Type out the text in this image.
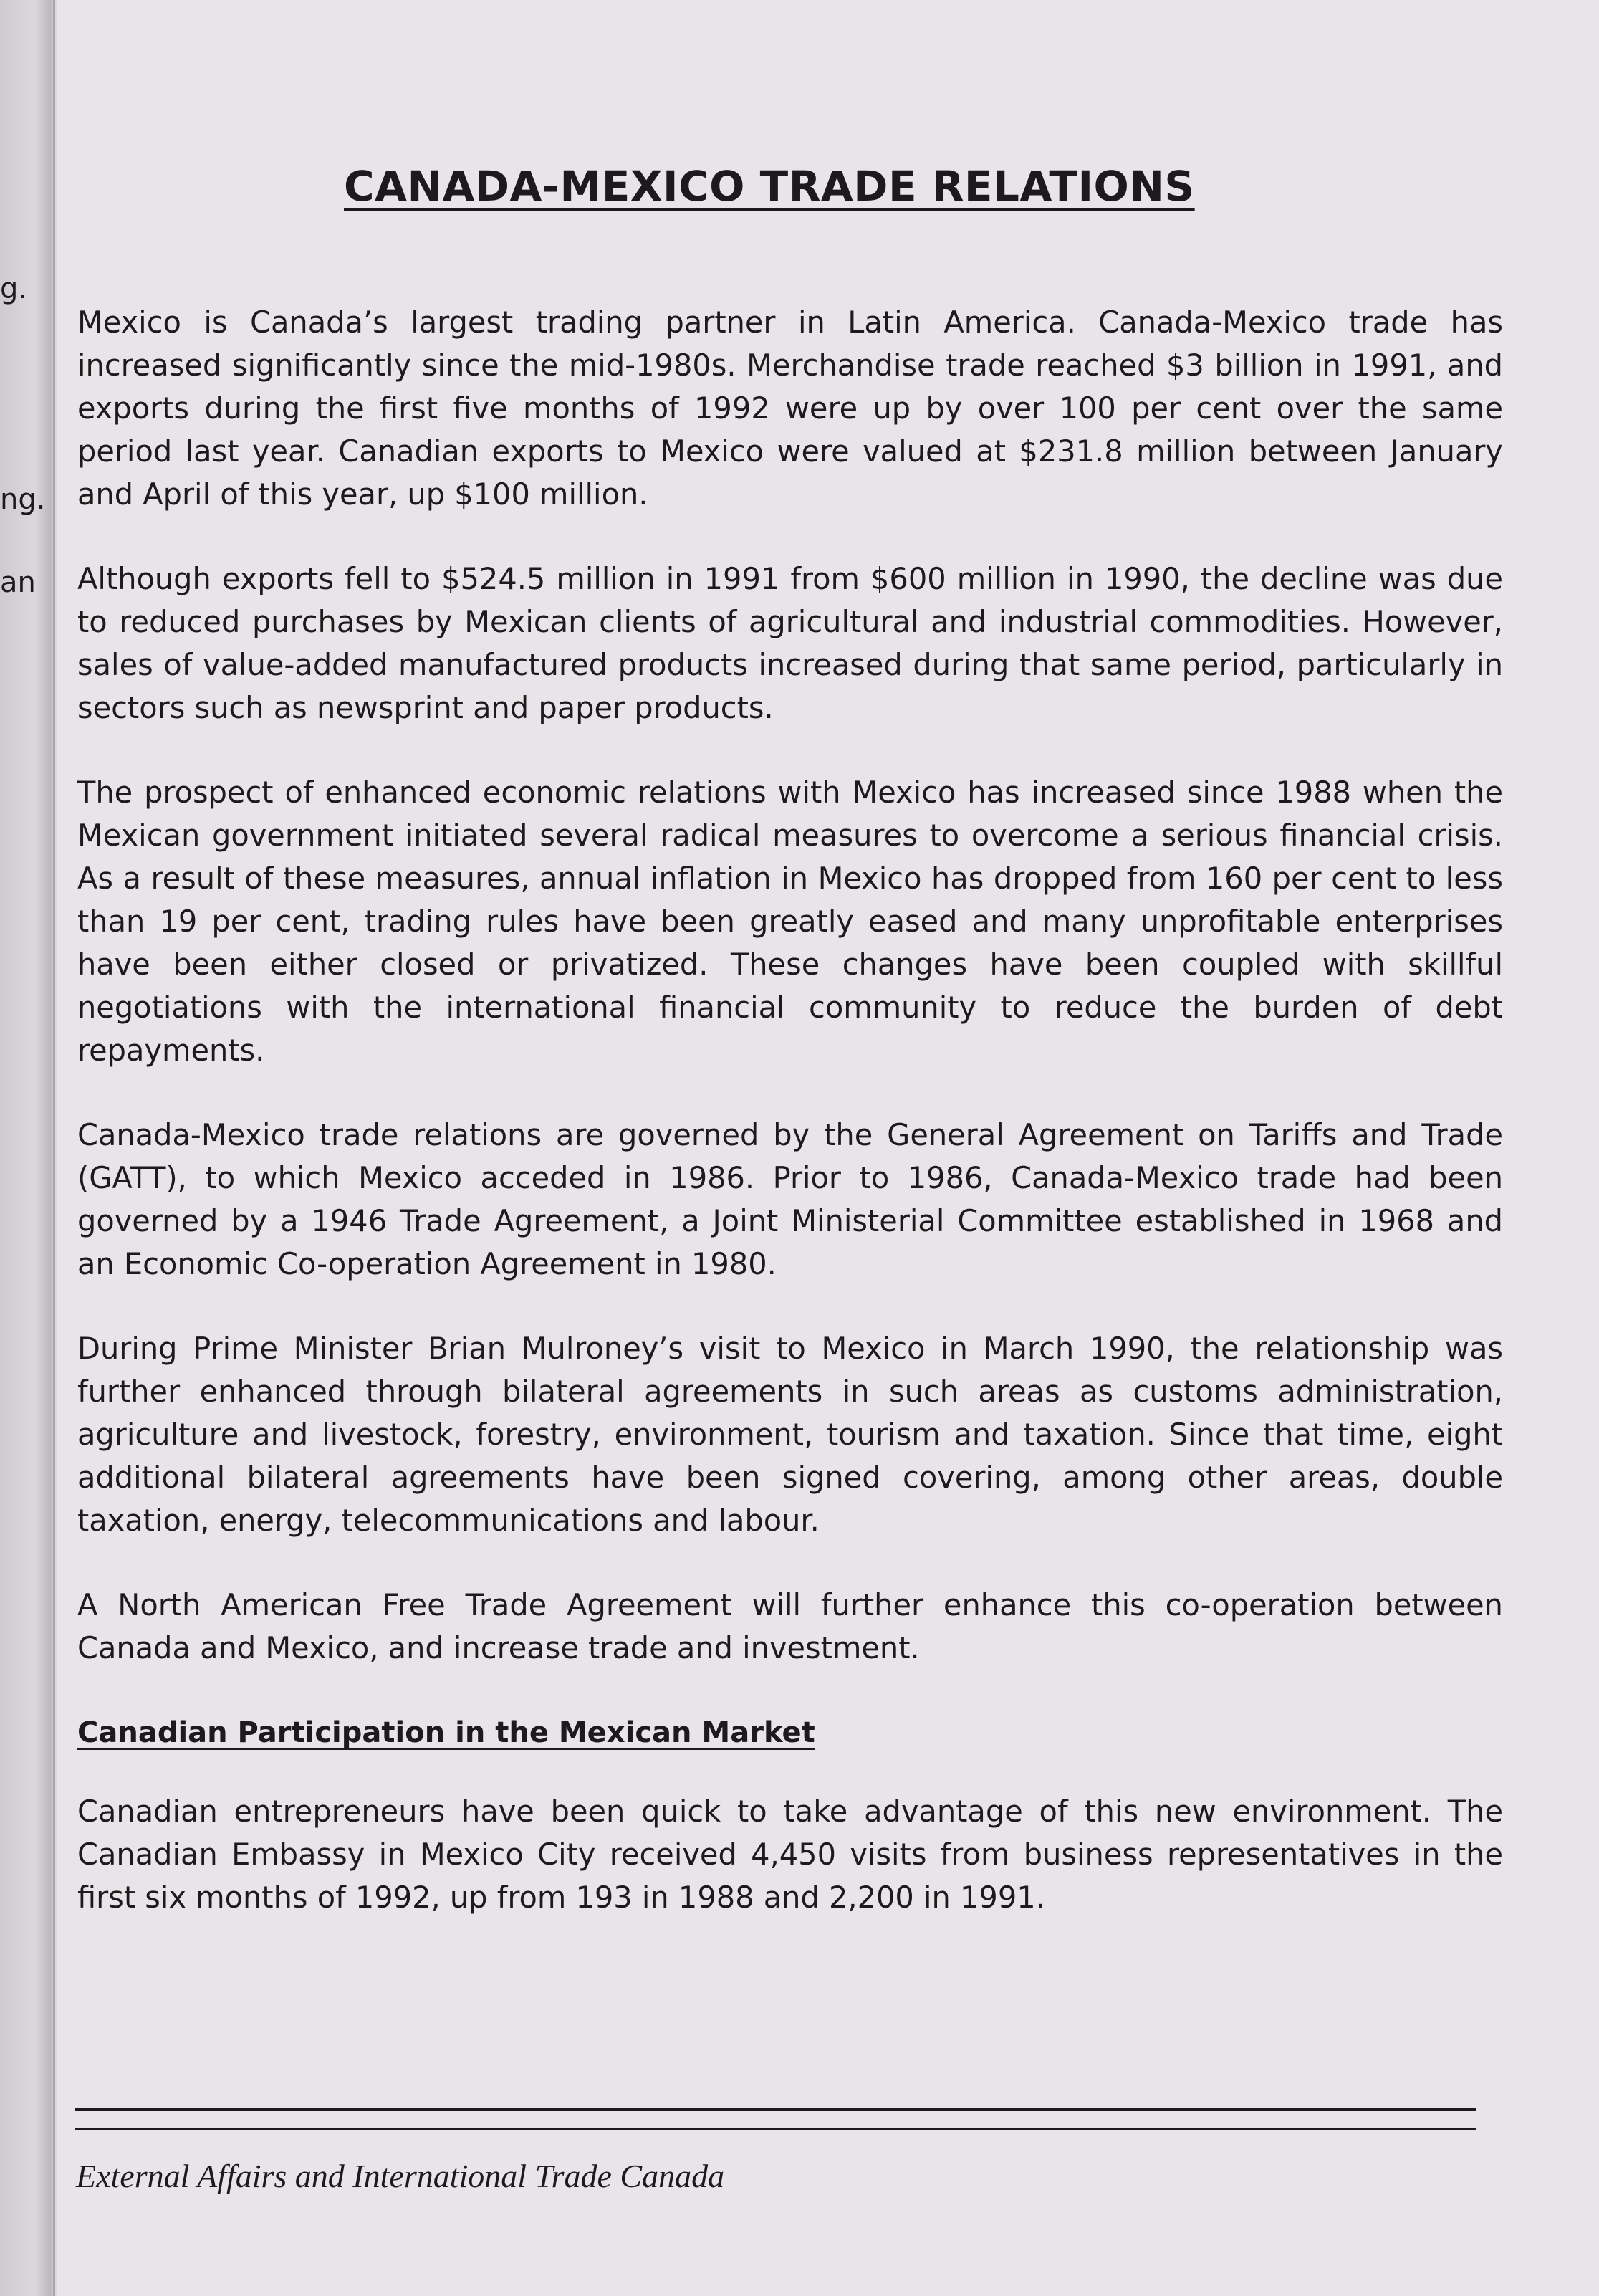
g.
ng.
an
CANADA-MEXICO TRADE RELATIONS

Mexico is Canada’s largest trading partner in Latin America. Canada-Mexico trade has increased significantly since the mid-1980s. Merchandise trade reached $3 billion in 1991, and exports during the first five months of 1992 were up by over 100 per cent over the same period last year. Canadian exports to Mexico were valued at $231.8 million between January and April of this year, up $100 million.

Although exports fell to $524.5 million in 1991 from $600 million in 1990, the decline was due to reduced purchases by Mexican clients of agricultural and industrial commodities. However, sales of value-added manufactured products increased during that same period, particularly in sectors such as newsprint and paper products.

The prospect of enhanced economic relations with Mexico has increased since 1988 when the Mexican government initiated several radical measures to overcome a serious financial crisis. As a result of these measures, annual inflation in Mexico has dropped from 160 per cent to less than 19 per cent, trading rules have been greatly eased and many unprofitable enterprises have been either closed or privatized. These changes have been coupled with skillful negotiations with the international financial community to reduce the burden of debt repayments.

Canada-Mexico trade relations are governed by the General Agreement on Tariffs and Trade (GATT), to which Mexico acceded in 1986. Prior to 1986, Canada-Mexico trade had been governed by a 1946 Trade Agreement, a Joint Ministerial Committee established in 1968 and an Economic Co-operation Agreement in 1980.

During Prime Minister Brian Mulroney’s visit to Mexico in March 1990, the relationship was further enhanced through bilateral agreements in such areas as customs administration, agriculture and livestock, forestry, environment, tourism and taxation. Since that time, eight additional bilateral agreements have been signed covering, among other areas, double taxation, energy, telecommunications and labour.

A North American Free Trade Agreement will further enhance this co-operation between Canada and Mexico, and increase trade and investment.

Canadian Participation in the Mexican Market

Canadian entrepreneurs have been quick to take advantage of this new environment. The Canadian Embassy in Mexico City received 4,450 visits from business representatives in the first six months of 1992, up from 193 in 1988 and 2,200 in 1991.

External Affairs and International Trade Canada
